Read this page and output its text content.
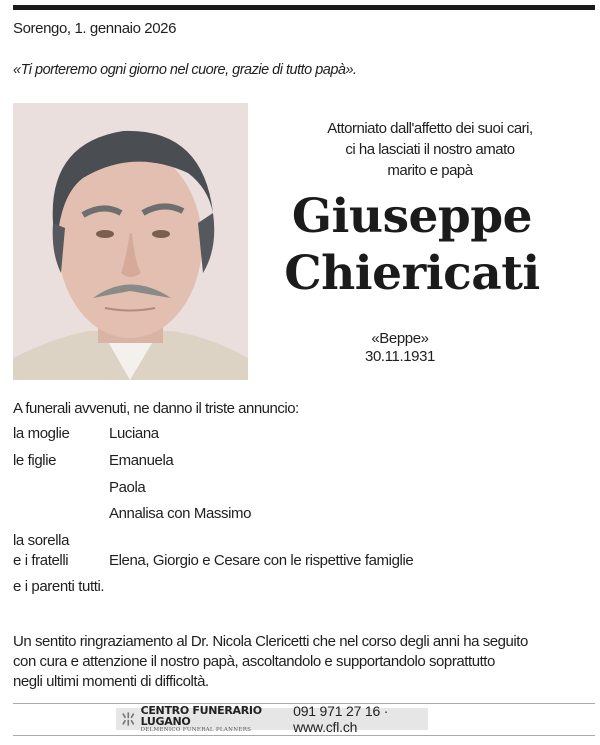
Sorengo, 1. gennaio 2026
«Ti porteremo ogni giorno nel cuore, grazie di tutto papà».
Attorniato dall'affetto dei suoi cari,
ci ha lasciati il nostro amato
marito e papà
Giuseppe
Chiericati
«Beppe»
30.11.1931
A funerali avvenuti, ne danno il triste annuncio:
la moglie	Luciana
le figlie	Emanuela
Paola
Annalisa con Massimo
la sorella
e i fratelli	Elena, Giorgio e Cesare con le rispettive famiglie
e i parenti tutti.
Un sentito ringraziamento al Dr. Nicola Clericetti che nel corso degli anni ha seguito
con cura e attenzione il nostro papà, ascoltandolo e supportandolo soprattutto
negli ultimi momenti di difficoltà.
CENTRO FUNERARIO LUGANO
DELMENICO FUNERAL PLANNERS
091 971 27 16 · www.cfl.ch
